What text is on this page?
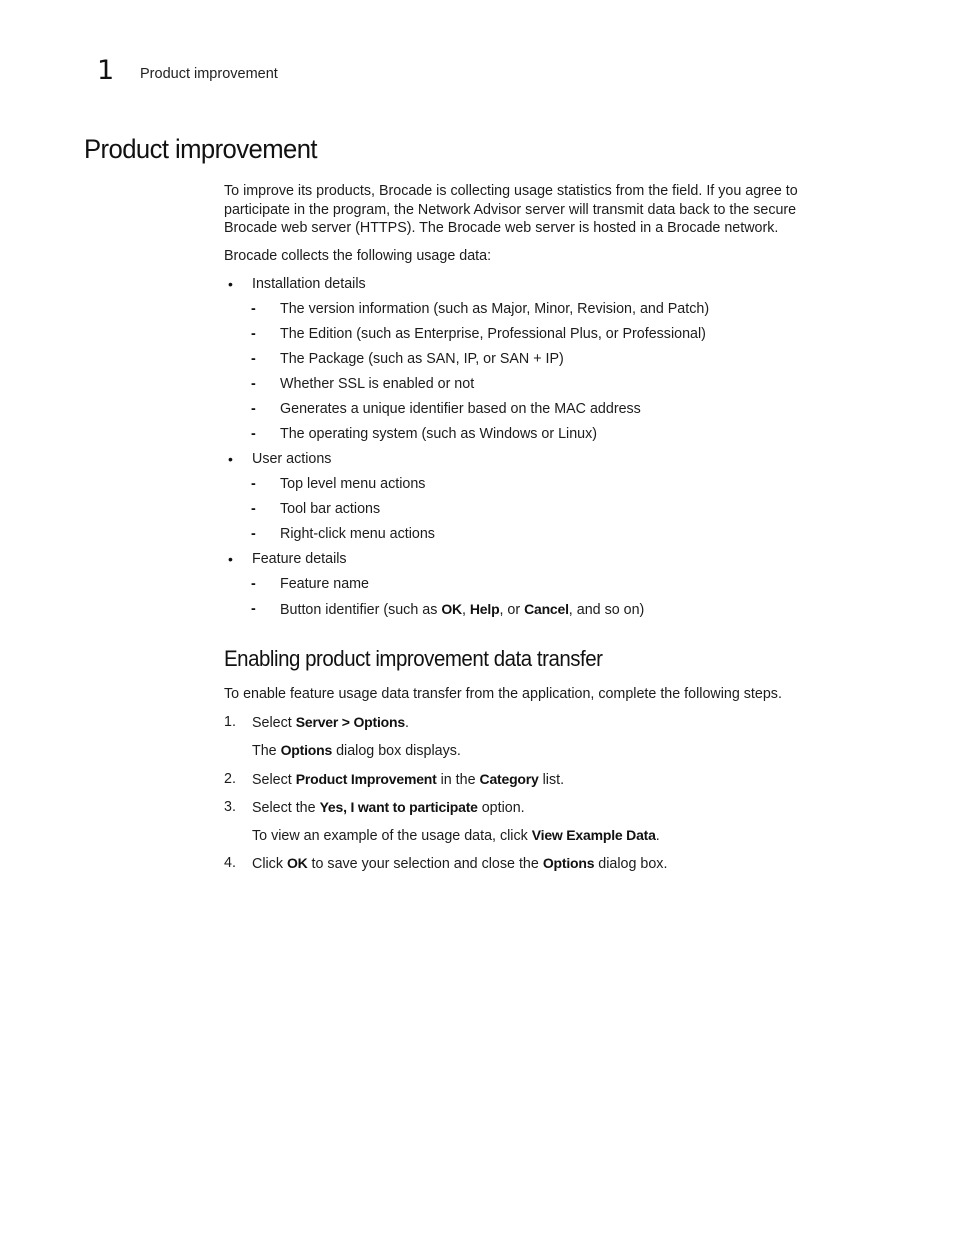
1 Product improvement
Product improvement
To improve its products, Brocade is collecting usage statistics from the field. If you agree to
participate in the program, the Network Advisor server will transmit data back to the secure
Brocade web server (HTTPS). The Brocade web server is hosted in a Brocade network.
Brocade collects the following usage data:
• Installation details
- The version information (such as Major, Minor, Revision, and Patch)
- The Edition (such as Enterprise, Professional Plus, or Professional)
- The Package (such as SAN, IP, or SAN + IP)
- Whether SSL is enabled or not
- Generates a unique identifier based on the MAC address
- The operating system (such as Windows or Linux)
• User actions
- Top level menu actions
- Tool bar actions
- Right-click menu actions
• Feature details
- Feature name
- Button identifier (such as OK, Help, or Cancel, and so on)
Enabling product improvement data transfer
To enable feature usage data transfer from the application, complete the following steps.
1. Select Server > Options.
The Options dialog box displays.
2. Select Product Improvement in the Category list.
3. Select the Yes, I want to participate option.
To view an example of the usage data, click View Example Data.
4. Click OK to save your selection and close the Options dialog box.
